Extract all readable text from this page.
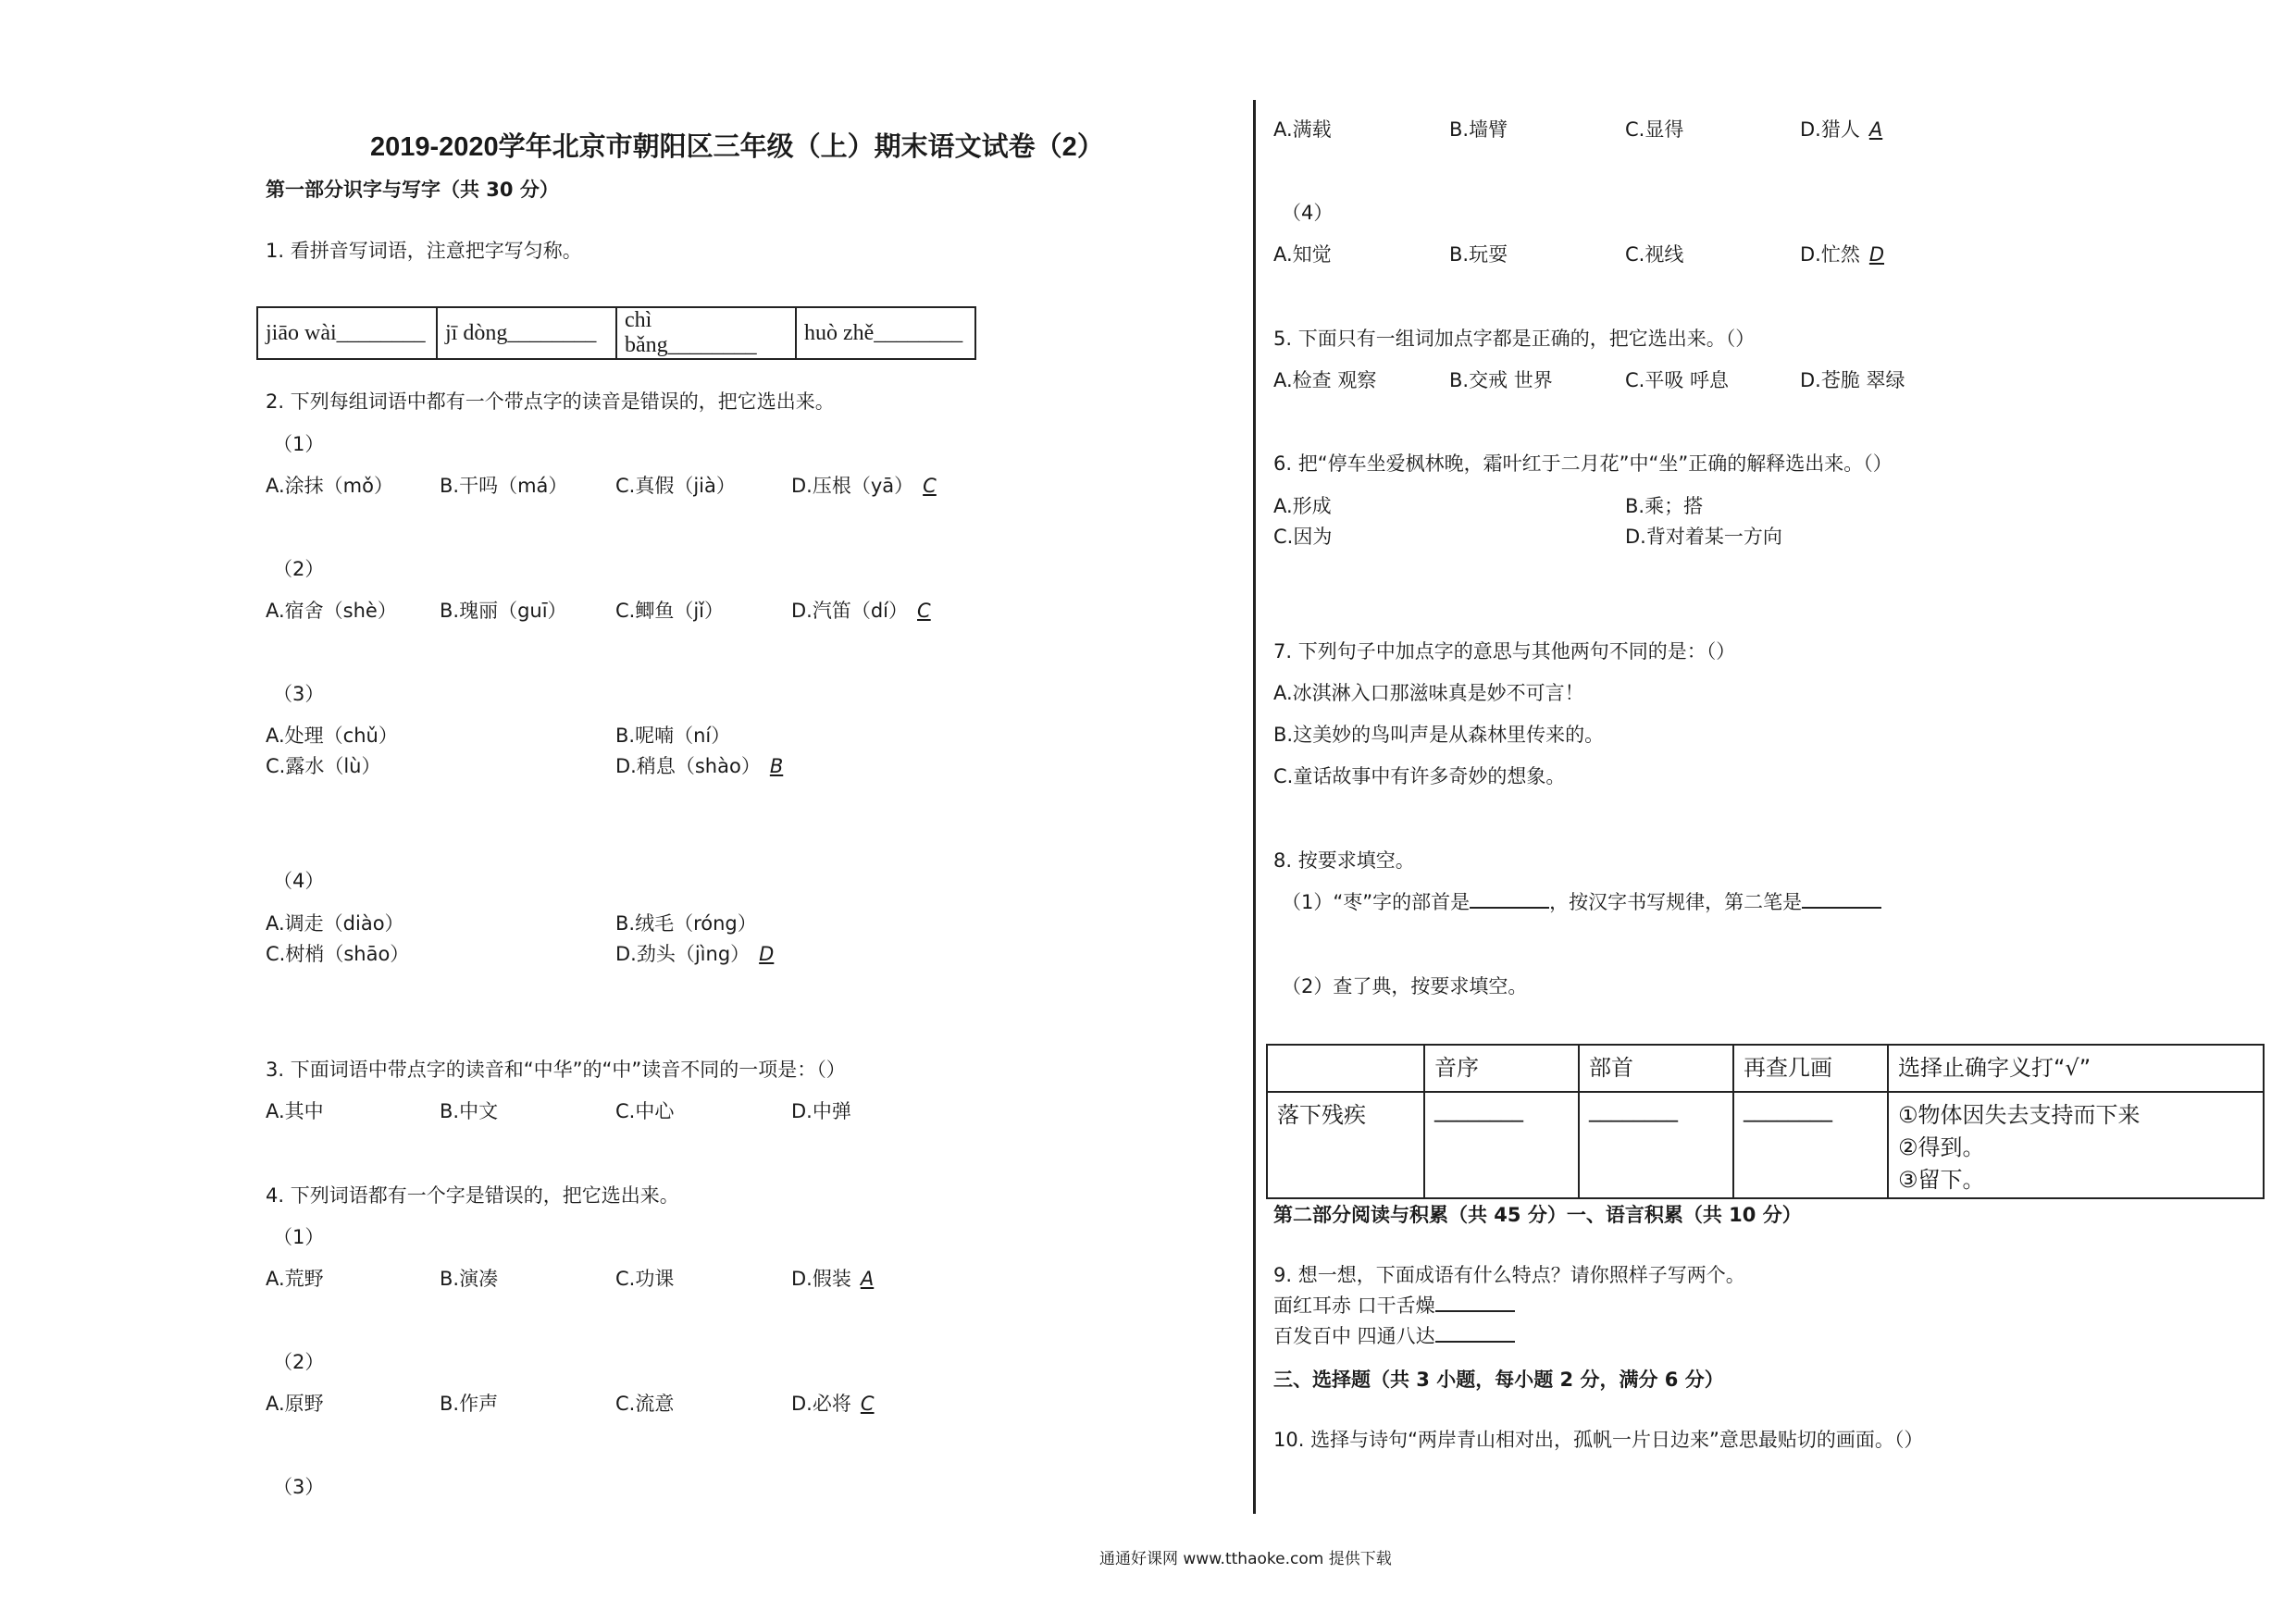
2019-2020学年北京市朝阳区三年级（上）期末语文试卷（2）
第一部分识字与写字（共 30 分）
1. 看拼音写词语，注意把字写匀称。
jiāo wài________	jī dòng________	chì bǎng________	huò zhě________
2. 下列每组词语中都有一个带点字的读音是错误的，把它选出来。
（1）
A.涂抹（mǒ） B.干吗（má） C.真假（jià）	D.压根（yā） C
（2）
A.宿舍（shè） B.瑰丽（guī） C.鲫鱼（jǐ）	D.汽笛（dí） C
（3）
A.处理（chǔ）	B.呢喃（ní）
C.露水（lù）	D.稍息（shào） B
（4）
A.调走（diào）	B.绒毛（róng）
C.树梢（shāo）	D.劲头（jìng） D
3. 下面词语中带点字的读音和“中华”的“中”读音不同的一项是：（）
A.其中	B.中文	C.中心	D.中弹
4. 下列词语都有一个字是错误的，把它选出来。
（1）
A.荒野	B.演凑	C.功课	D.假装 A
（2）
A.原野	B.作声	C.流意	D.必将 C
（3）
A.满载	B.墙臂	C.显得	D.猎人 A
（4）
A.知觉	B.玩耍	C.视线	D.忙然 D
5. 下面只有一组词加点字都是正确的，把它选出来。（）
A.检查 观察	B.交戒 世界	C.平吸 呼息	D.苍脆 翠绿
6. 把“停车坐爱枫林晚，霜叶红于二月花”中“坐”正确的解释选出来。（）
A.形成	B.乘；搭
C.因为	D.背对着某一方向
7. 下列句子中加点字的意思与其他两句不同的是：（）
A.冰淇淋入口那滋味真是妙不可言！
B.这美妙的鸟叫声是从森林里传来的。
C.童话故事中有许多奇妙的想象。
8. 按要求填空。
（1）“枣”字的部首是	，按汉字书写规律，第二笔是
（2）查了典，按要求填空。
	音序	部首	再查几画	选择止确字义打“√”
落下残疾	________	________	________	①物体因失去支持而下来
②得到。
③留下。
第二部分阅读与积累（共 45 分）一、语言积累（共 10 分）
9. 想一想，下面成语有什么特点？请你照样子写两个。
面红耳赤 口干舌燥
百发百中 四通八达
三、选择题（共 3 小题，每小题 2 分，满分 6 分）
10. 选择与诗句“两岸青山相对出，孤帆一片日边来”意思最贴切的画面。（）
通通好课网 www.tthaoke.com 提供下载
